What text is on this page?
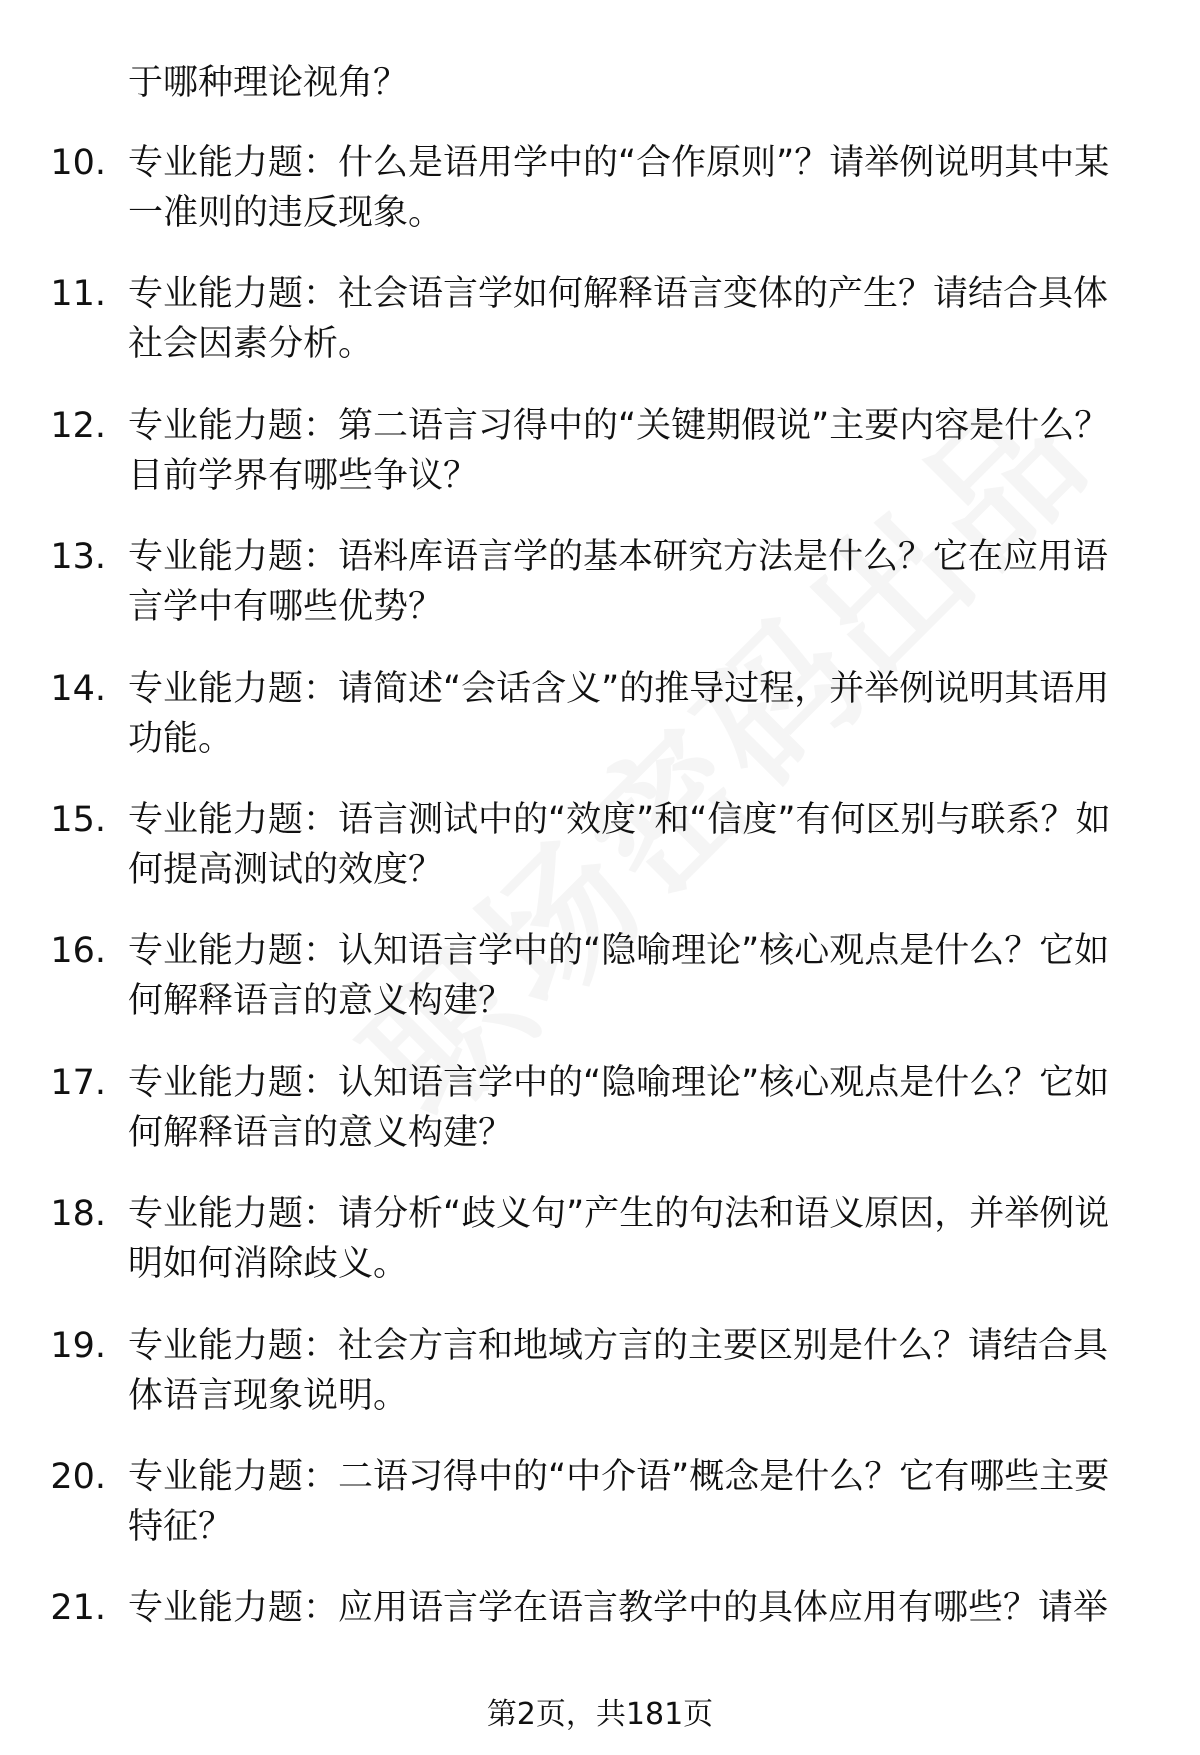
于哪种理论视角？

10. 专业能力题：什么是语用学中的“合作原则”？请举例说明其中某一准则的违反现象。

11. 专业能力题：社会语言学如何解释语言变体的产生？请结合具体社会因素分析。

12. 专业能力题：第二语言习得中的“关键期假说”主要内容是什么？目前学界有哪些争议？

13. 专业能力题：语料库语言学的基本研究方法是什么？它在应用语言学中有哪些优势？

14. 专业能力题：请简述“会话含义”的推导过程，并举例说明其语用功能。

15. 专业能力题：语言测试中的“效度”和“信度”有何区别与联系？如何提高测试的效度？

16. 专业能力题：认知语言学中的“隐喻理论”核心观点是什么？它如何解释语言的意义构建？

17. 专业能力题：认知语言学中的“隐喻理论”核心观点是什么？它如何解释语言的意义构建？

18. 专业能力题：请分析“歧义句”产生的句法和语义原因，并举例说明如何消除歧义。

19. 专业能力题：社会方言和地域方言的主要区别是什么？请结合具体语言现象说明。

20. 专业能力题：二语习得中的“中介语”概念是什么？它有哪些主要特征？

21. 专业能力题：应用语言学在语言教学中的具体应用有哪些？请举

第2页，共181页
